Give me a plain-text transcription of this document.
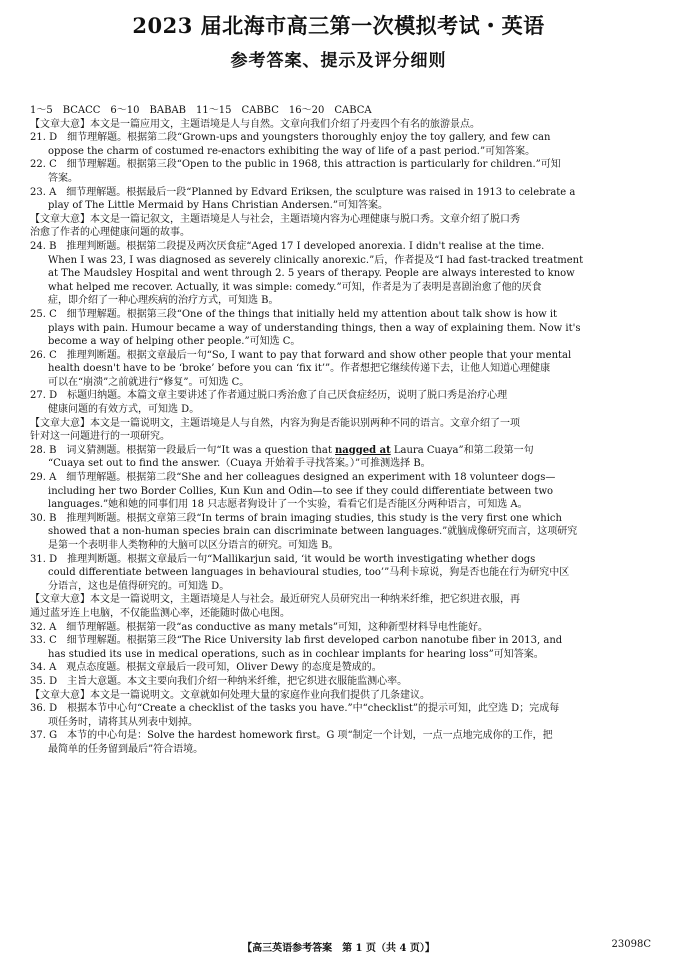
2023 届北海市高三第一次模拟考试・英语
参考答案、提示及评分细则
1～5　BCACC　6～10　BABAB　11～15　CABBC　16～20　CABCA
【文章大意】本文是一篇应用文，主题语境是人与自然。文章向我们介绍了丹麦四个有名的旅游景点。
21. D　细节理解题。根据第二段“Grown-ups and youngsters thoroughly enjoy the toy gallery, and few can
oppose the charm of costumed re-enactors exhibiting the way of life of a past period.”可知答案。
22. C　细节理解题。根据第三段“Open to the public in 1968, this attraction is particularly for children.”可知
答案。
23. A　细节理解题。根据最后一段“Planned by Edvard Eriksen, the sculpture was raised in 1913 to celebrate a
play of The Little Mermaid by Hans Christian Andersen.”可知答案。
【文章大意】本文是一篇记叙文，主题语境是人与社会，主题语境内容为心理健康与脱口秀。文章介绍了脱口秀
治愈了作者的心理健康问题的故事。
24. B　推理判断题。根据第二段提及两次厌食症“Aged 17 I developed anorexia. I didn't realise at the time.
When I was 23, I was diagnosed as severely clinically anorexic.”后，作者提及“I had fast-tracked treatment
at The Maudsley Hospital and went through 2. 5 years of therapy. People are always interested to know
what helped me recover. Actually, it was simple: comedy.”可知，作者是为了表明是喜剧治愈了他的厌食
症，即介绍了一种心理疾病的治疗方式，可知选 B。
25. C　细节理解题。根据第三段“One of the things that initially held my attention about talk show is how it
plays with pain. Humour became a way of understanding things, then a way of explaining them. Now it's
become a way of helping other people.”可知选 C。
26. C　推理判断题。根据文章最后一句“So, I want to pay that forward and show other people that your mental
health doesn't have to be ‘broke’ before you can ‘fix it’”。作者想把它继续传递下去，让他人知道心理健康
可以在“崩溃”之前就进行“修复”。可知选 C。
27. D　标题归纳题。本篇文章主要讲述了作者通过脱口秀治愈了自己厌食症经历，说明了脱口秀是治疗心理
健康问题的有效方式，可知选 D。
【文章大意】本文是一篇说明文，主题语境是人与自然，内容为狗是否能识别两种不同的语言。文章介绍了一项
针对这一问题进行的一项研究。
28. B　词义猜测题。根据第一段最后一句“It was a question that nagged at Laura Cuaya”和第二段第一句
“Cuaya set out to find the answer.（Cuaya 开始着手寻找答案。）”可推测选择 B。
29. A　细节理解题。根据第二段“She and her colleagues designed an experiment with 18 volunteer dogs—
including her two Border Collies, Kun Kun and Odin—to see if they could differentiate between two
languages.”她和她的同事们用 18 只志愿者狗设计了一个实验，看看它们是否能区分两种语言，可知选 A。
30. B　推理判断题。根据文章第三段“In terms of brain imaging studies, this study is the very first one which
showed that a non-human species brain can discriminate between languages.”就脑成像研究而言，这项研究
是第一个表明非人类物种的大脑可以区分语言的研究。可知选 B。
31. D　推理判断题。根据文章最后一句“Mallikarjun said, ‘it would be worth investigating whether dogs
could differentiate between languages in behavioural studies, too’”马利卡琼说，狗是否也能在行为研究中区
分语言，这也是值得研究的。可知选 D。
【文章大意】本文是一篇说明文，主题语境是人与社会。最近研究人员研究出一种纳米纤维，把它织进衣服，再
通过蓝牙连上电脑，不仅能监测心率，还能随时做心电图。
32. A　细节理解题。根据第一段“as conductive as many metals”可知，这种新型材料导电性能好。
33. C　细节理解题。根据第三段“The Rice University lab first developed carbon nanotube fiber in 2013, and
has studied its use in medical operations, such as in cochlear implants for hearing loss”可知答案。
34. A　观点态度题。根据文章最后一段可知，Oliver Dewy 的态度是赞成的。
35. D　主旨大意题。本文主要向我们介绍一种纳米纤维，把它织进衣服能监测心率。
【文章大意】本文是一篇说明文。文章就如何处理大量的家庭作业向我们提供了几条建议。
36. D　根据本节中心句“Create a checklist of the tasks you have.”中“checklist”的提示可知，此空选 D；完成每
项任务时，请将其从列表中划掉。
37. G　本节的中心句是：Solve the hardest homework first。G 项“制定一个计划，一点一点地完成你的工作，把
最简单的任务留到最后”符合语境。
【高三英语参考答案　第 1 页（共 4 页）】	23098C
